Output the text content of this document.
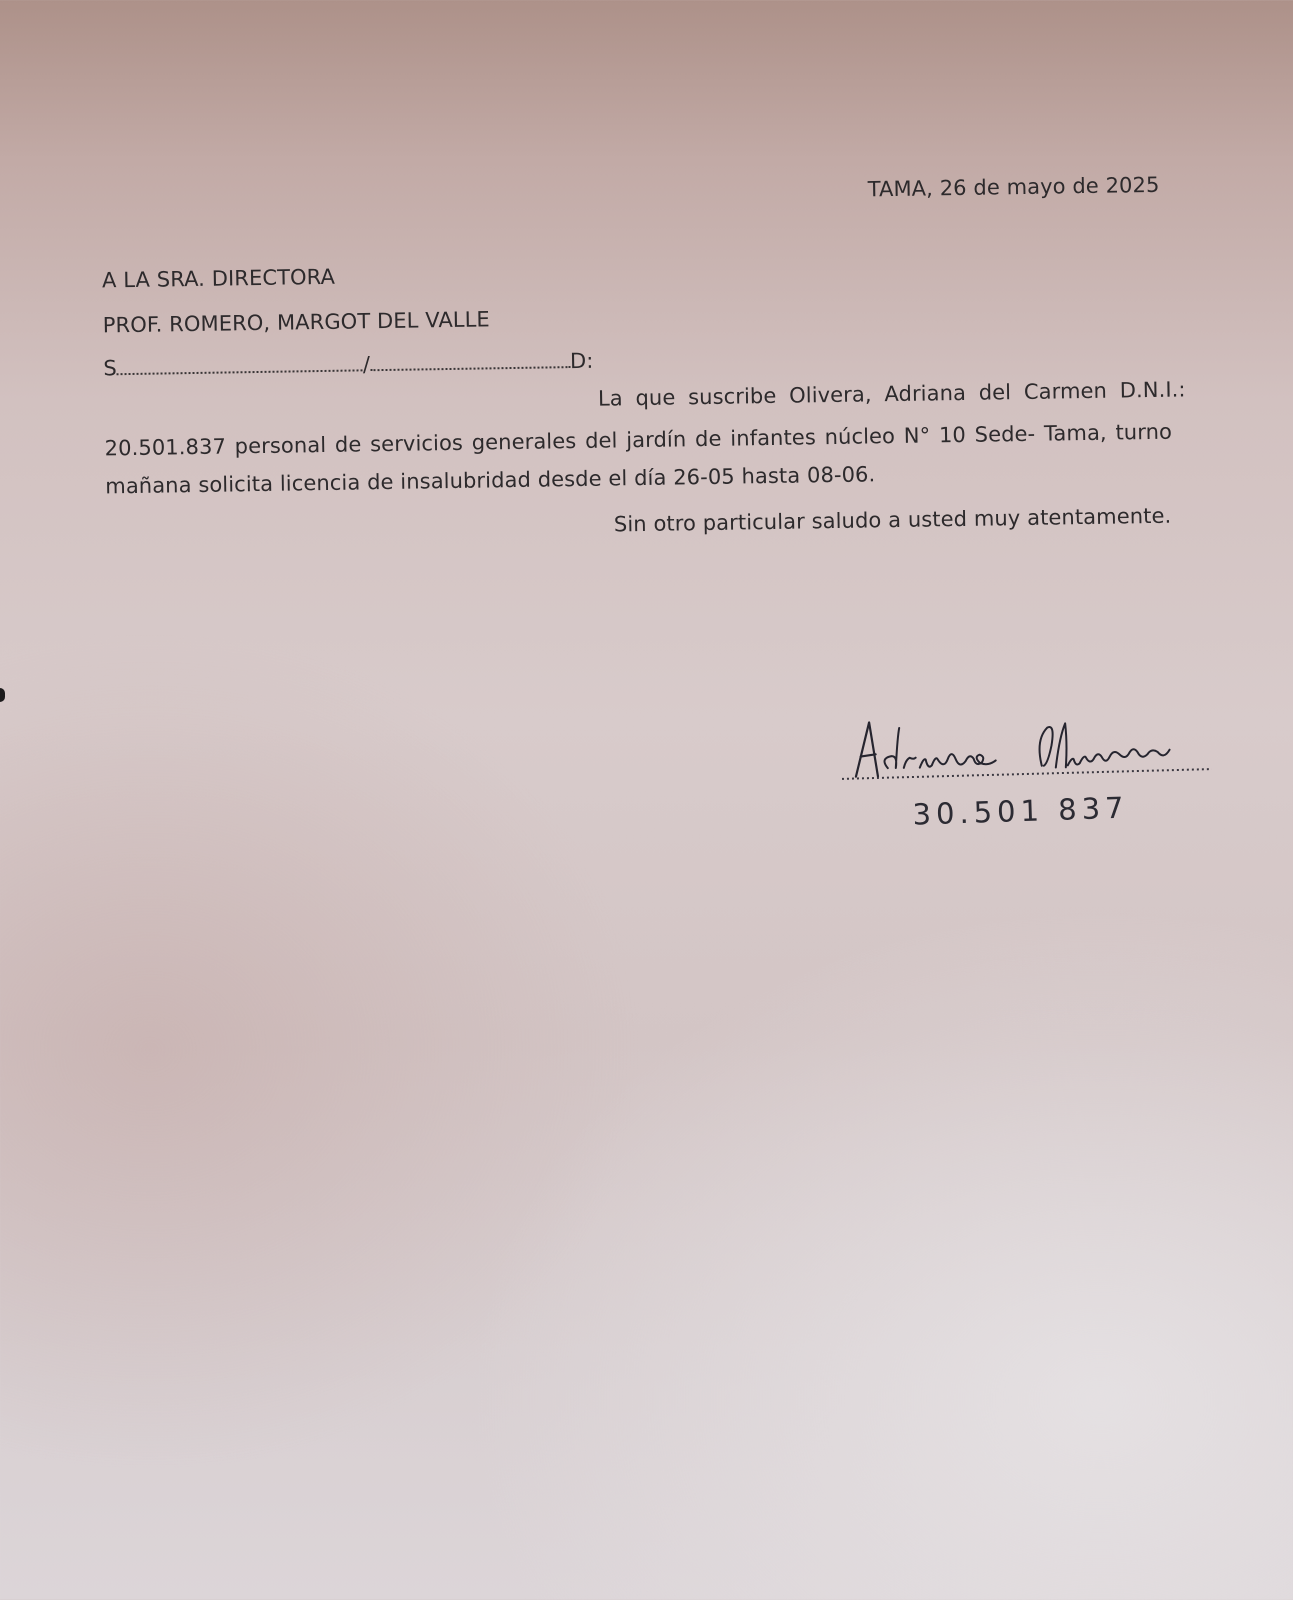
TAMA, 26 de mayo de 2025
A LA SRA. DIRECTORA
PROF. ROMERO, MARGOT DEL VALLE
S	/	D:
La que suscribe Olivera, Adriana del Carmen D.N.I.:
20.501.837 personal de servicios generales del jardín de infantes núcleo N° 10 Sede- Tama, turno
mañana solicita licencia de insalubridad desde el día 26-05 hasta 08-06.
Sin otro particular saludo a usted muy atentamente.
30.501 837
